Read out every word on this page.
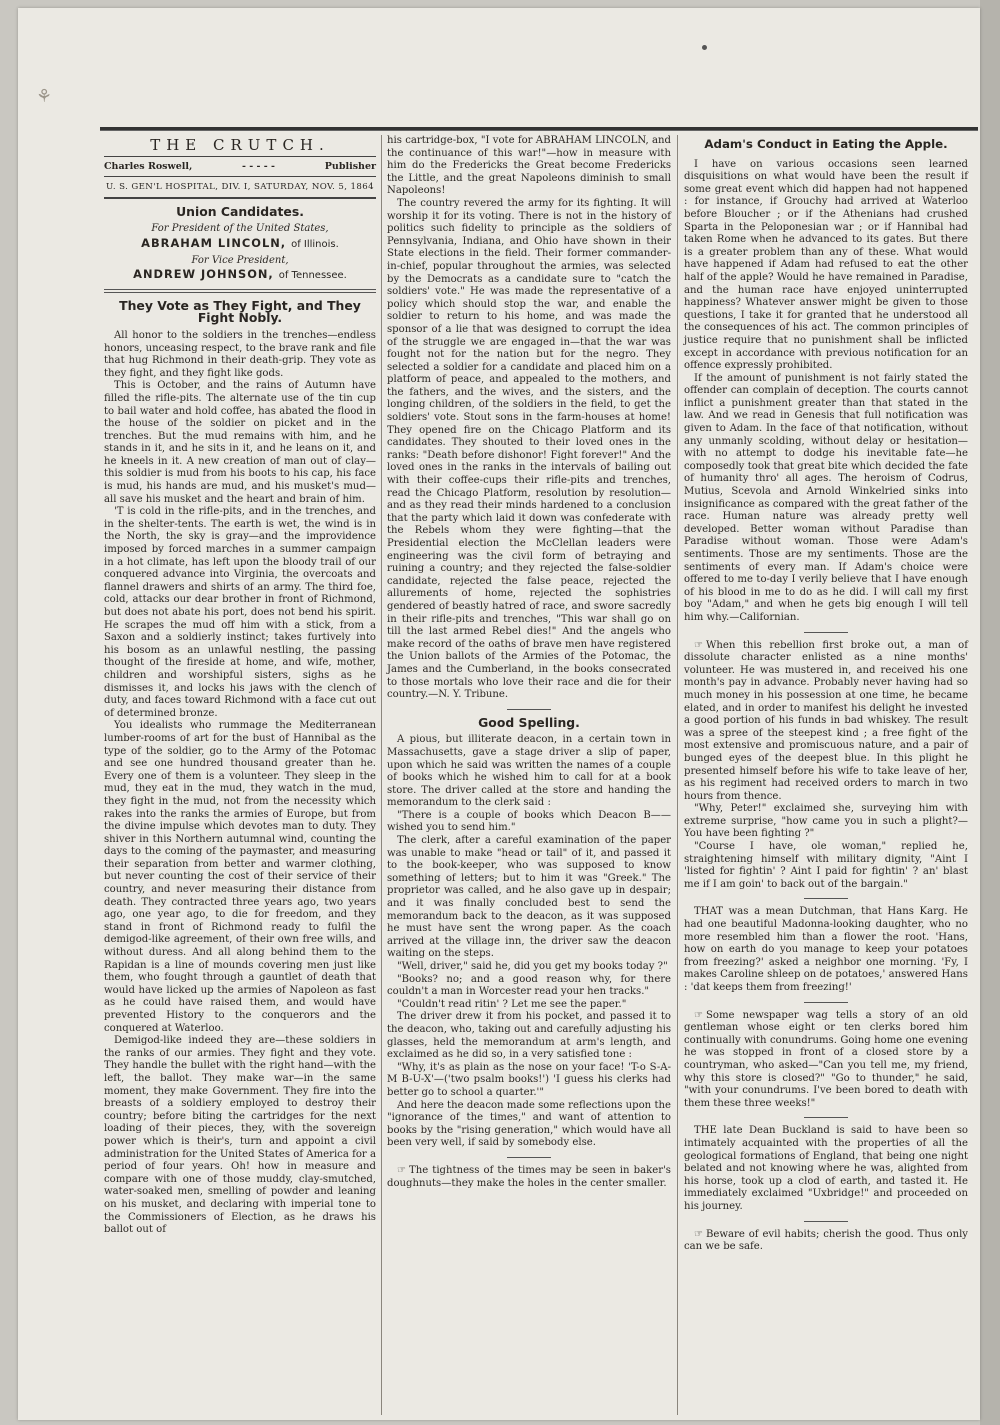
⚘
THE CRUTCH.
Charles Roswell,	- - - - -	Publisher
U. S. GEN'L HOSPITAL, DIV. I, SATURDAY, NOV. 5, 1864
Union Candidates.
For President of the United States,
ABRAHAM LINCOLN, of Illinois.
For Vice President,
ANDREW JOHNSON, of Tennessee.
They Vote as They Fight, and They Fight Nobly.

All honor to the soldiers in the trenches—endless honors, unceasing respect, to the brave rank and file that hug Richmond in their death-grip. They vote as they fight, and they fight like gods.

This is October, and the rains of Autumn have filled the rifle-pits. The alternate use of the tin cup to bail water and hold coffee, has abated the flood in the house of the soldier on picket and in the trenches. But the mud remains with him, and he stands in it, and he sits in it, and he leans on it, and he kneels in it. A new creation of man out of clay—this soldier is mud from his boots to his cap, his face is mud, his hands are mud, and his musket's mud—all save his musket and the heart and brain of him.

'T is cold in the rifle-pits, and in the trenches, and in the shelter-tents. The earth is wet, the wind is in the North, the sky is gray—and the improvidence imposed by forced marches in a summer campaign in a hot climate, has left upon the bloody trail of our conquered advance into Virginia, the overcoats and flannel drawers and shirts of an army. The third foe, cold, attacks our dear brother in front of Richmond, but does not abate his port, does not bend his spirit. He scrapes the mud off him with a stick, from a Saxon and a soldierly instinct; takes furtively into his bosom as an unlawful nestling, the passing thought of the fireside at home, and wife, mother, children and worshipful sisters, sighs as he dismisses it, and locks his jaws with the clench of duty, and faces toward Richmond with a face cut out of determined bronze.

You idealists who rummage the Mediterranean lumber-rooms of art for the bust of Hannibal as the type of the soldier, go to the Army of the Potomac and see one hundred thousand greater than he. Every one of them is a volunteer. They sleep in the mud, they eat in the mud, they watch in the mud, they fight in the mud, not from the necessity which rakes into the ranks the armies of Europe, but from the divine impulse which devotes man to duty. They shiver in this Northern autumnal wind, counting the days to the coming of the paymaster, and measuring their separation from better and warmer clothing, but never counting the cost of their service of their country, and never measuring their distance from death. They contracted three years ago, two years ago, one year ago, to die for freedom, and they stand in front of Richmond ready to fulfil the demigod-like agreement, of their own free wills, and without duress. And all along behind them to the Rapidan is a line of mounds covering men just like them, who fought through a gauntlet of death that would have licked up the armies of Napoleon as fast as he could have raised them, and would have prevented History to the conquerors and the conquered at Waterloo.

Demigod-like indeed they are—these soldiers in the ranks of our armies. They fight and they vote. They handle the bullet with the right hand—with the left, the ballot. They make war—in the same moment, they make Government. They fire into the breasts of a soldiery employed to destroy their country; before biting the cartridges for the next loading of their pieces, they, with the sovereign power which is their's, turn and appoint a civil administration for the United States of America for a period of four years. Oh! how in measure and compare with one of those muddy, clay-smutched, water-soaked men, smelling of powder and leaning on his musket, and declaring with imperial tone to the Commissioners of Election, as he draws his ballot out of

his cartridge-box, "I vote for ABRAHAM LINCOLN, and the continuance of this war!"—how in measure with him do the Fredericks the Great become Fredericks the Little, and the great Napoleons diminish to small Napoleons!

The country revered the army for its fighting. It will worship it for its voting. There is not in the history of politics such fidelity to principle as the soldiers of Pennsylvania, Indiana, and Ohio have shown in their State elections in the field. Their former commander-in-chief, popular throughout the armies, was selected by the Democrats as a candidate sure to "catch the soldiers' vote." He was made the representative of a policy which should stop the war, and enable the soldier to return to his home, and was made the sponsor of a lie that was designed to corrupt the idea of the struggle we are engaged in—that the war was fought not for the nation but for the negro. They selected a soldier for a candidate and placed him on a platform of peace, and appealed to the mothers, and the fathers, and the wives, and the sisters, and the longing children, of the soldiers in the field, to get the soldiers' vote. Stout sons in the farm-houses at home! They opened fire on the Chicago Platform and its candidates. They shouted to their loved ones in the ranks: "Death before dishonor! Fight forever!" And the loved ones in the ranks in the intervals of bailing out with their coffee-cups their rifle-pits and trenches, read the Chicago Platform, resolution by resolution—and as they read their minds hardened to a conclusion that the party which laid it down was confederate with the Rebels whom they were fighting—that the Presidential election the McClellan leaders were engineering was the civil form of betraying and ruining a country; and they rejected the false-soldier candidate, rejected the false peace, rejected the allurements of home, rejected the sophistries gendered of beastly hatred of race, and swore sacredly in their rifle-pits and trenches, "This war shall go on till the last armed Rebel dies!" And the angels who make record of the oaths of brave men have registered the Union ballots of the Armies of the Potomac, the James and the Cumberland, in the books consecrated to those mortals who love their race and die for their country.—N. Y. Tribune.

Good Spelling.

A pious, but illiterate deacon, in a certain town in Massachusetts, gave a stage driver a slip of paper, upon which he said was written the names of a couple of books which he wished him to call for at a book store. The driver called at the store and handing the memorandum to the clerk said :

"There is a couple of books which Deacon B—— wished you to send him."

The clerk, after a careful examination of the paper was unable to make "head or tail" of it, and passed it to the book-keeper, who was supposed to know something of letters; but to him it was "Greek." The proprietor was called, and he also gave up in despair; and it was finally concluded best to send the memorandum back to the deacon, as it was supposed he must have sent the wrong paper. As the coach arrived at the village inn, the driver saw the deacon waiting on the steps.

"Well, driver," said he, did you get my books today ?"

"Books? no; and a good reason why, for there couldn't a man in Worcester read your hen tracks."

"Couldn't read ritin' ? Let me see the paper."

The driver drew it from his pocket, and passed it to the deacon, who, taking out and carefully adjusting his glasses, held the memorandum at arm's length, and exclaimed as he did so, in a very satisfied tone :

"Why, it's as plain as the nose on your face! 'T-o S-A-M B-U-X'—('two psalm books!') 'I guess his clerks had better go to school a quarter.'"

And here the deacon made some reflections upon the "ignorance of the times," and want of attention to books by the "rising generation," which would have all been very well, if said by somebody else.

☞ The tightness of the times may be seen in baker's doughnuts—they make the holes in the center smaller.

Adam's Conduct in Eating the Apple.

I have on various occasions seen learned disquisitions on what would have been the result if some great event which did happen had not happened : for instance, if Grouchy had arrived at Waterloo before Bloucher ; or if the Athenians had crushed Sparta in the Peloponesian war ; or if Hannibal had taken Rome when he advanced to its gates. But there is a greater problem than any of these. What would have happened if Adam had refused to eat the other half of the apple? Would he have remained in Paradise, and the human race have enjoyed uninterrupted happiness? Whatever answer might be given to those questions, I take it for granted that he understood all the consequences of his act. The common principles of justice require that no punishment shall be inflicted except in accordance with previous notification for an offence expressly prohibited.

If the amount of punishment is not fairly stated the offender can complain of deception. The courts cannot inflict a punishment greater than that stated in the law. And we read in Genesis that full notification was given to Adam. In the face of that notification, without any unmanly scolding, without delay or hesitation—with no attempt to dodge his inevitable fate—he composedly took that great bite which decided the fate of humanity thro' all ages. The heroism of Codrus, Mutius, Scevola and Arnold Winkelried sinks into insignificance as compared with the great father of the race. Human nature was already pretty well developed. Better woman without Paradise than Paradise without woman. Those were Adam's sentiments. Those are my sentiments. Those are the sentiments of every man. If Adam's choice were offered to me to-day I verily believe that I have enough of his blood in me to do as he did. I will call my first boy "Adam," and when he gets big enough I will tell him why.—Californian.

☞ When this rebellion first broke out, a man of dissolute character enlisted as a nine months' volunteer. He was mustered in, and received his one month's pay in advance. Probably never having had so much money in his possession at one time, he became elated, and in order to manifest his delight he invested a good portion of his funds in bad whiskey. The result was a spree of the steepest kind ; a free fight of the most extensive and promiscuous nature, and a pair of bunged eyes of the deepest blue. In this plight he presented himself before his wife to take leave of her, as his regiment had received orders to march in two hours from thence.

"Why, Peter!" exclaimed she, surveying him with extreme surprise, "how came you in such a plight?—You have been fighting ?"

"Course I have, ole woman," replied he, straightening himself with military dignity, "Aint I 'listed for fightin' ? Aint I paid for fightin' ? an' blast me if I am goin' to back out of the bargain."

THAT was a mean Dutchman, that Hans Karg. He had one beautiful Madonna-looking daughter, who no more resembled him than a flower the root. 'Hans, how on earth do you manage to keep your potatoes from freezing?' asked a neighbor one morning. 'Fy, I makes Caroline shleep on de potatoes,' answered Hans : 'dat keeps them from freezing!'

☞ Some newspaper wag tells a story of an old gentleman whose eight or ten clerks bored him continually with conundrums. Going home one evening he was stopped in front of a closed store by a countryman, who asked—"Can you tell me, my friend, why this store is closed?" "Go to thunder," he said, "with your conundrums. I've been bored to death with them these three weeks!"

THE late Dean Buckland is said to have been so intimately acquainted with the properties of all the geological formations of England, that being one night belated and not knowing where he was, alighted from his horse, took up a clod of earth, and tasted it. He immediately exclaimed "Uxbridge!" and proceeded on his journey.

☞ Beware of evil habits; cherish the good. Thus only can we be safe.
